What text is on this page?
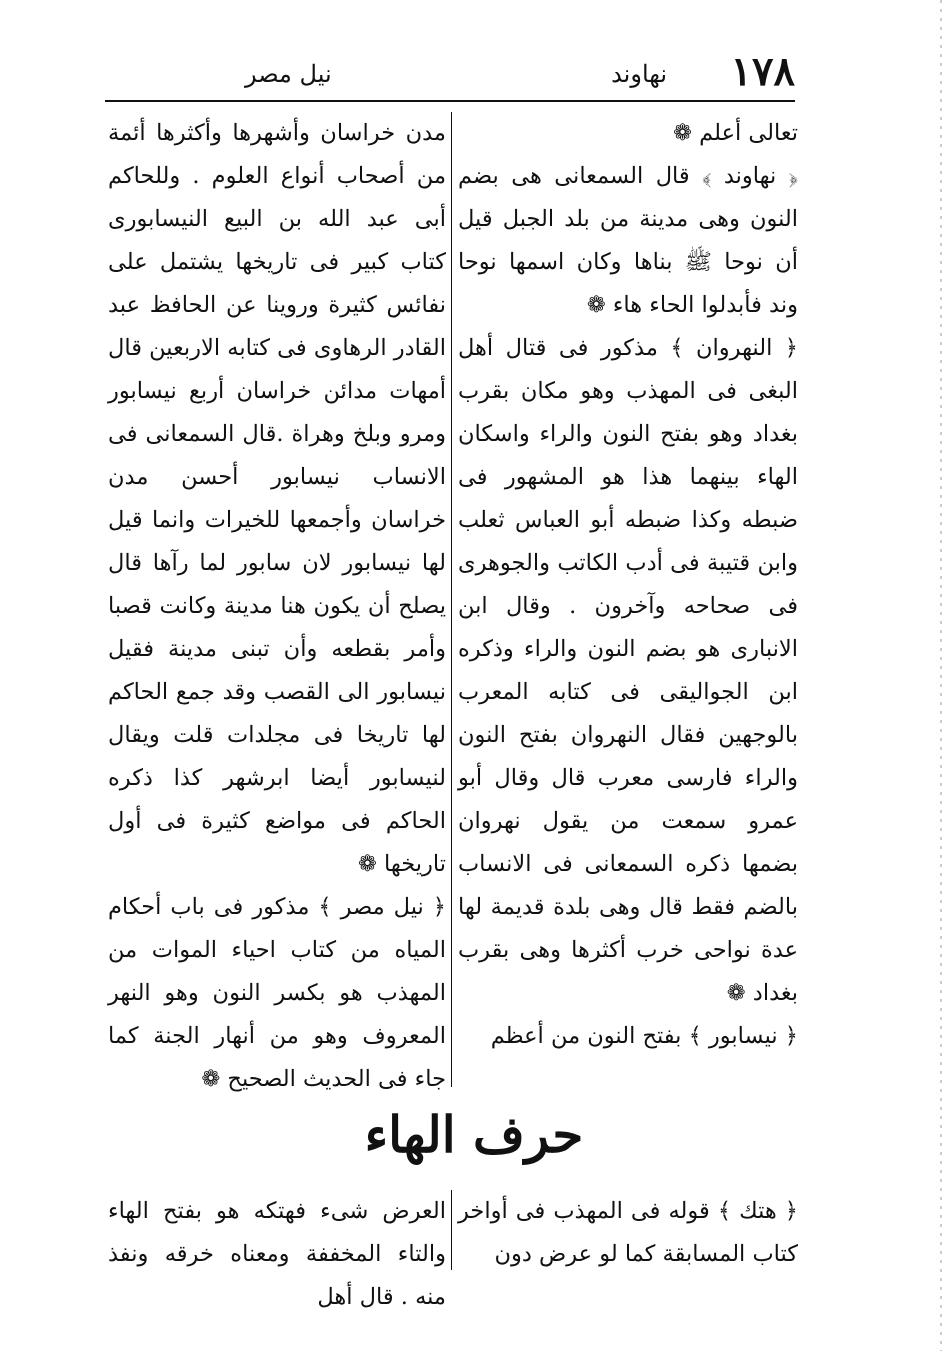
١٧٨
نهاوند
نيل مصر

تعالى أعلم ❁

﴿ نهاوند ﴾ قال السمعانى هى بضم النون وهى مدينة من بلد الجبل قيل أن نوحا ﷺ بناها وكان اسمها نوحا وند فأبدلوا الحاء هاء ❁

﴿ النهروان ﴾ مذكور فى قتال أهل البغى فى المهذب وهو مكان بقرب بغداد وهو بفتح النون والراء واسكان الهاء بينهما هذا هو المشهور فى ضبطه وكذا ضبطه أبو العباس ثعلب وابن قتيبة فى أدب الكاتب والجوهرى فى صحاحه وآخرون . وقال ابن الانبارى هو بضم النون والراء وذكره ابن الجواليقى فى كتابه المعرب بالوجهين فقال النهروان بفتح النون والراء فارسى معرب قال وقال أبو عمرو سمعت من يقول نهروان بضمها ذكره السمعانى فى الانساب بالضم فقط قال وهى بلدة قديمة لها عدة نواحى خرب أكثرها وهى بقرب بغداد ❁

﴿ نيسابور ﴾ بفتح النون من أعظم

مدن خراسان وأشهرها وأكثرها أئمة من أصحاب أنواع العلوم . وللحاكم أبى عبد الله بن البيع النيسابورى كتاب كبير فى تاريخها يشتمل على نفائس كثيرة وروينا عن الحافظ عبد القادر الرهاوى فى كتابه الاربعين قال أمهات مدائن خراسان أربع نيسابور ومرو وبلخ وهراة .قال السمعانى فى الانساب نيسابور أحسن مدن خراسان وأجمعها للخيرات وانما قيل لها نيسابور لان سابور لما رآها قال يصلح أن يكون هنا مدينة وكانت قصبا وأمر بقطعه وأن تبنى مدينة فقيل نيسابور الى القصب وقد جمع الحاكم لها تاريخا فى مجلدات قلت ويقال لنيسابور أيضا ابرشهر كذا ذكره الحاكم فى مواضع كثيرة فى أول تاريخها ❁

﴿ نيل مصر ﴾ مذكور فى باب أحكام المياه من كتاب احياء الموات من المهذب هو بكسر النون وهو النهر المعروف وهو من أنهار الجنة كما جاء فى الحديث الصحيح ❁

حرف الهاء

﴿ هتك ﴾ قوله فى المهذب فى أواخر كتاب المسابقة كما لو عرض دون

العرض شىء فهتكه هو بفتح الهاء والتاء المخففة ومعناه خرقه ونفذ منه . قال أهل
